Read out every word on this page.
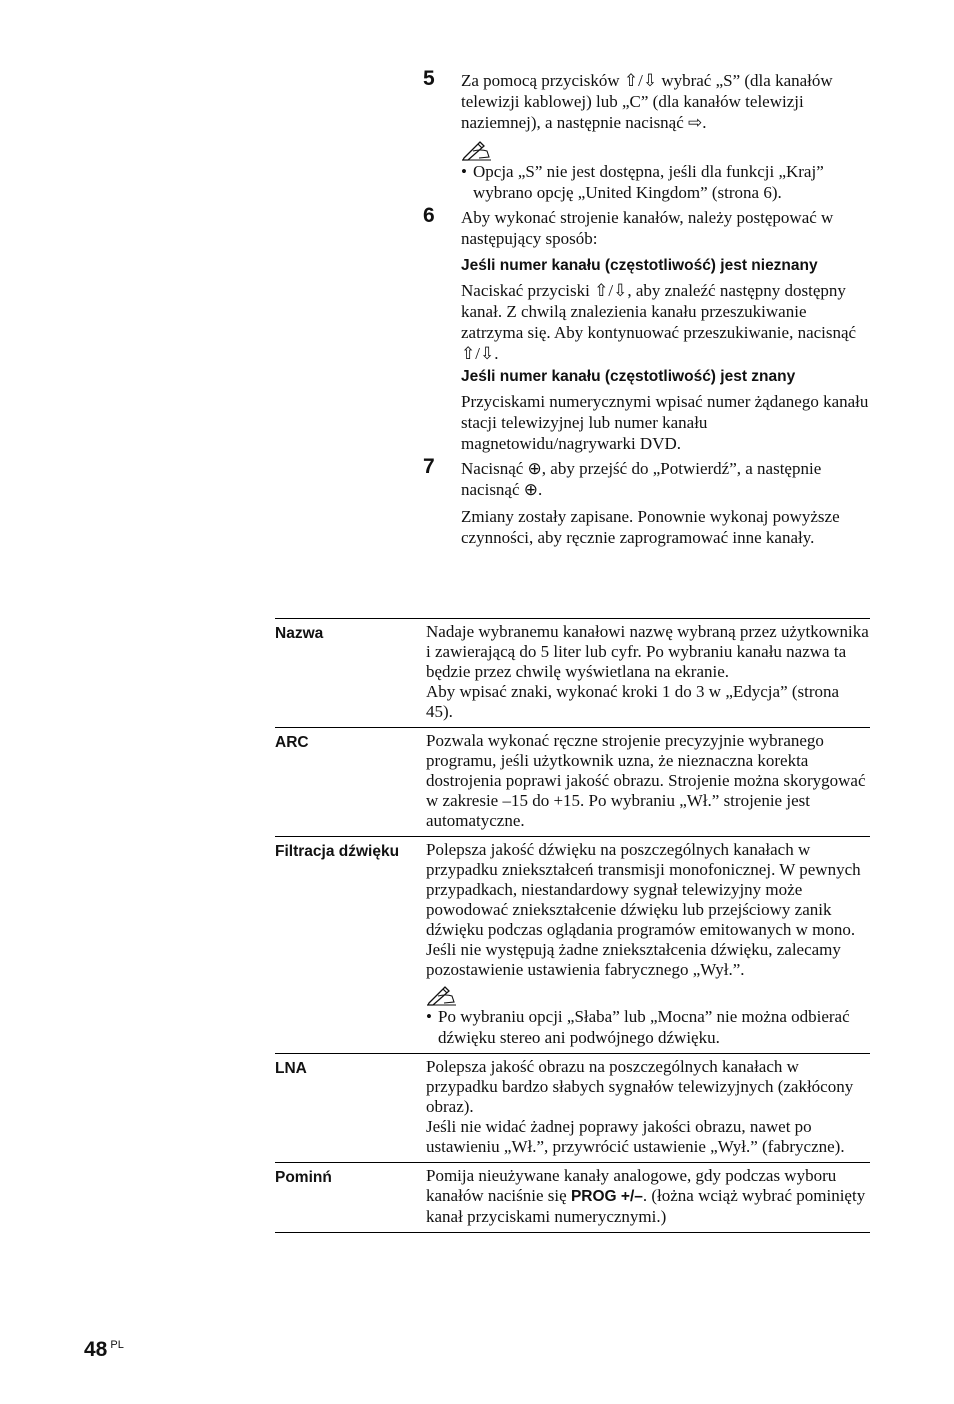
5 Za pomocą przycisków ⇧/⇩ wybrać „S” (dla kanałów telewizji kablowej) lub „C” (dla kanałów telewizji naziemnej), a następnie nacisnąć ⇨.

• Opcja „S” nie jest dostępna, jeśli dla funkcji „Kraj” wybrano opcję „United Kingdom” (strona 6).
6 Aby wykonać strojenie kanałów, należy postępować w następujący sposób:

Jeśli numer kanału (częstotliwość) jest nieznany

Naciskać przyciski ⇧/⇩, aby znaleźć następny dostępny kanał. Z chwilą znalezienia kanału przeszukiwanie zatrzyma się. Aby kontynuować przeszukiwanie, nacisnąć ⇧/⇩.

Jeśli numer kanału (częstotliwość) jest znany

Przyciskami numerycznymi wpisać numer żądanego kanału stacji telewizyjnej lub numer kanału magnetowidu/nagrywarki DVD.

7 Nacisnąć ⊕, aby przejść do „Potwierdź”, a następnie nacisnąć ⊕.

Zmiany zostały zapisane. Ponownie wykonaj powyższe czynności, aby ręcznie zaprogramować inne kanały.

Nazwa	Nadaje wybranemu kanałowi nazwę wybraną przez użytkownika i zawierającą do 5 liter lub cyfr. Po wybraniu kanału nazwa ta będzie przez chwilę wyświetlana na ekranie.
Aby wpisać znaki, wykonać kroki 1 do 3 w „Edycja” (strona 45).
ARC	Pozwala wykonać ręczne strojenie precyzyjnie wybranego programu, jeśli użytkownik uzna, że nieznaczna korekta dostrojenia poprawi jakość obrazu. Strojenie można skorygować w zakresie –15 do +15. Po wybraniu „Wł.” strojenie jest automatyczne.
Filtracja dźwięku	Polepsza jakość dźwięku na poszczególnych kanałach w przypadku zniekształceń transmisji monofonicznej. W pewnych przypadkach, niestandardowy sygnał telewizyjny może powodować zniekształcenie dźwięku lub przejściowy zanik dźwięku podczas oglądania programów emitowanych w mono.
Jeśli nie występują żadne zniekształcenia dźwięku, zalecamy pozostawienie ustawienia fabrycznego „Wył.”.
• Po wybraniu opcji „Słaba” lub „Mocna” nie można odbierać dźwięku stereo ani podwójnego dźwięku.
LNA	Polepsza jakość obrazu na poszczególnych kanałach w przypadku bardzo słabych sygnałów telewizyjnych (zakłócony obraz).
Jeśli nie widać żadnej poprawy jakości obrazu, nawet po ustawieniu „Wł.”, przywrócić ustawienie „Wył.” (fabryczne).
Pominń	Pomija nieużywane kanały analogowe, gdy podczas wyboru kanałów naciśnie się PROG +/–. (łożna wciąż wybrać pominięty kanał przyciskami numerycznymi.)
48 $^{PL}$
